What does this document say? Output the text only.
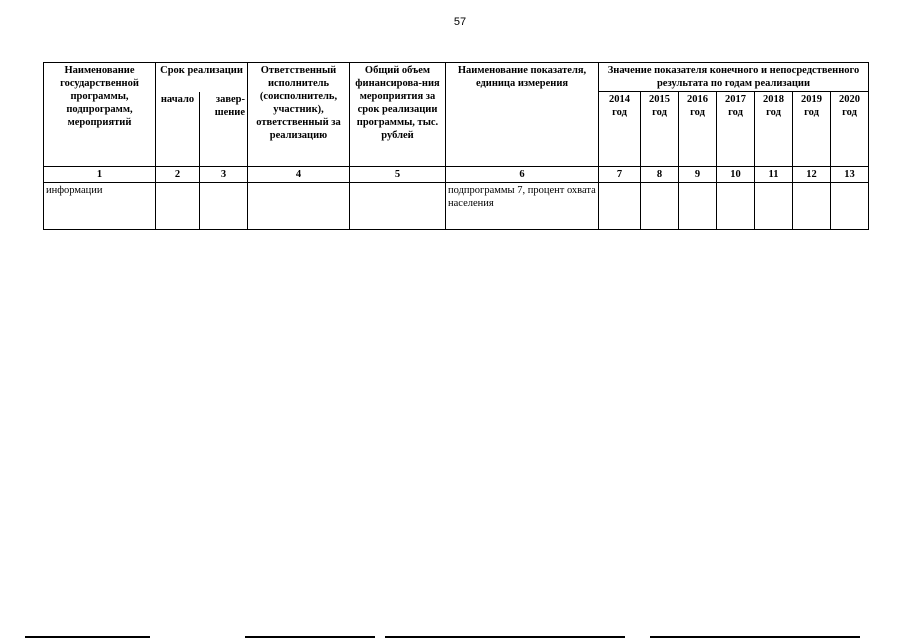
57
Наименование государственной программы, подпрограмм, мероприятий	Срок реализации		Ответственный исполнитель (соисполнитель, участник), ответственный за реализацию	Общий объем финансирова-ния мероприятия за срок реализации программы, тыс. рублей	Наименование показателя, единица измерения	Значение показателя конечного и непосредственного результата по годам реализации						
	начало	завер-шение				2014 год	2015 год	2016 год	2017 год	2018 год	2019 год	2020 год
1	2	3	4	5	6	7	8	9	10	11	12	13
информации					подпрограммы 7, процент охвата населения							
